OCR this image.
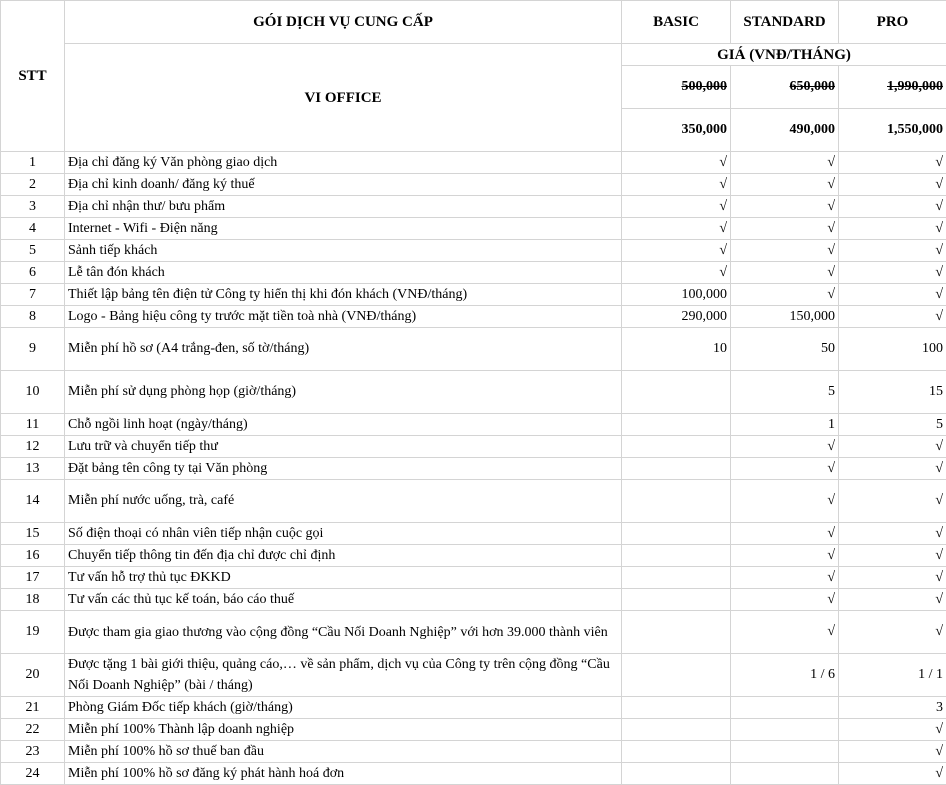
STT	GÓI DỊCH VỤ CUNG CẤP	BASIC	STANDARD	PRO
	VI OFFICE	GIÁ (VNĐ/THÁNG)		
		500,000	650,000	1,990,000
		350,000	490,000	1,550,000
1	Địa chỉ đăng ký Văn phòng giao dịch	√	√	√
2	Địa chỉ kinh doanh/ đăng ký thuế	√	√	√
3	Địa chỉ nhận thư/ bưu phẩm	√	√	√
4	Internet - Wifi - Điện năng	√	√	√
5	Sảnh tiếp khách	√	√	√
6	Lễ tân đón khách	√	√	√
7	Thiết lập bảng tên điện tử Công ty hiển thị khi đón khách (VNĐ/tháng)	100,000	√	√
8	Logo - Bảng hiệu công ty trước mặt tiền toà nhà (VNĐ/tháng)	290,000	150,000	√
9	Miễn phí hồ sơ (A4 trắng-đen, số tờ/tháng)	10	50	100
10	Miễn phí sử dụng phòng họp (giờ/tháng)		5	15
11	Chỗ ngồi linh hoạt (ngày/tháng)		1	5
12	Lưu trữ và chuyển tiếp thư		√	√
13	Đặt bảng tên công ty tại Văn phòng		√	√
14	Miễn phí nước uống, trà, café		√	√
15	Số điện thoại có nhân viên tiếp nhận cuộc gọi		√	√
16	Chuyển tiếp thông tin đến địa chỉ được chỉ định		√	√
17	Tư vấn hỗ trợ thủ tục ĐKKD		√	√
18	Tư vấn các thủ tục kế toán, báo cáo thuế		√	√
19	Được tham gia giao thương vào cộng đồng “Cầu Nối Doanh Nghiệp” với hơn 39.000 thành viên		√	√
20	Được tặng 1 bài giới thiệu, quảng cáo,… về sản phẩm, dịch vụ của Công ty trên cộng đồng “Cầu Nối Doanh Nghiệp” (bài / tháng)		1 / 6	1 / 1
21	Phòng Giám Đốc tiếp khách (giờ/tháng)			3
22	Miễn phí 100% Thành lập doanh nghiệp			√
23	Miễn phí 100% hồ sơ thuế ban đầu			√
24	Miễn phí 100% hồ sơ đăng ký phát hành hoá đơn			√
